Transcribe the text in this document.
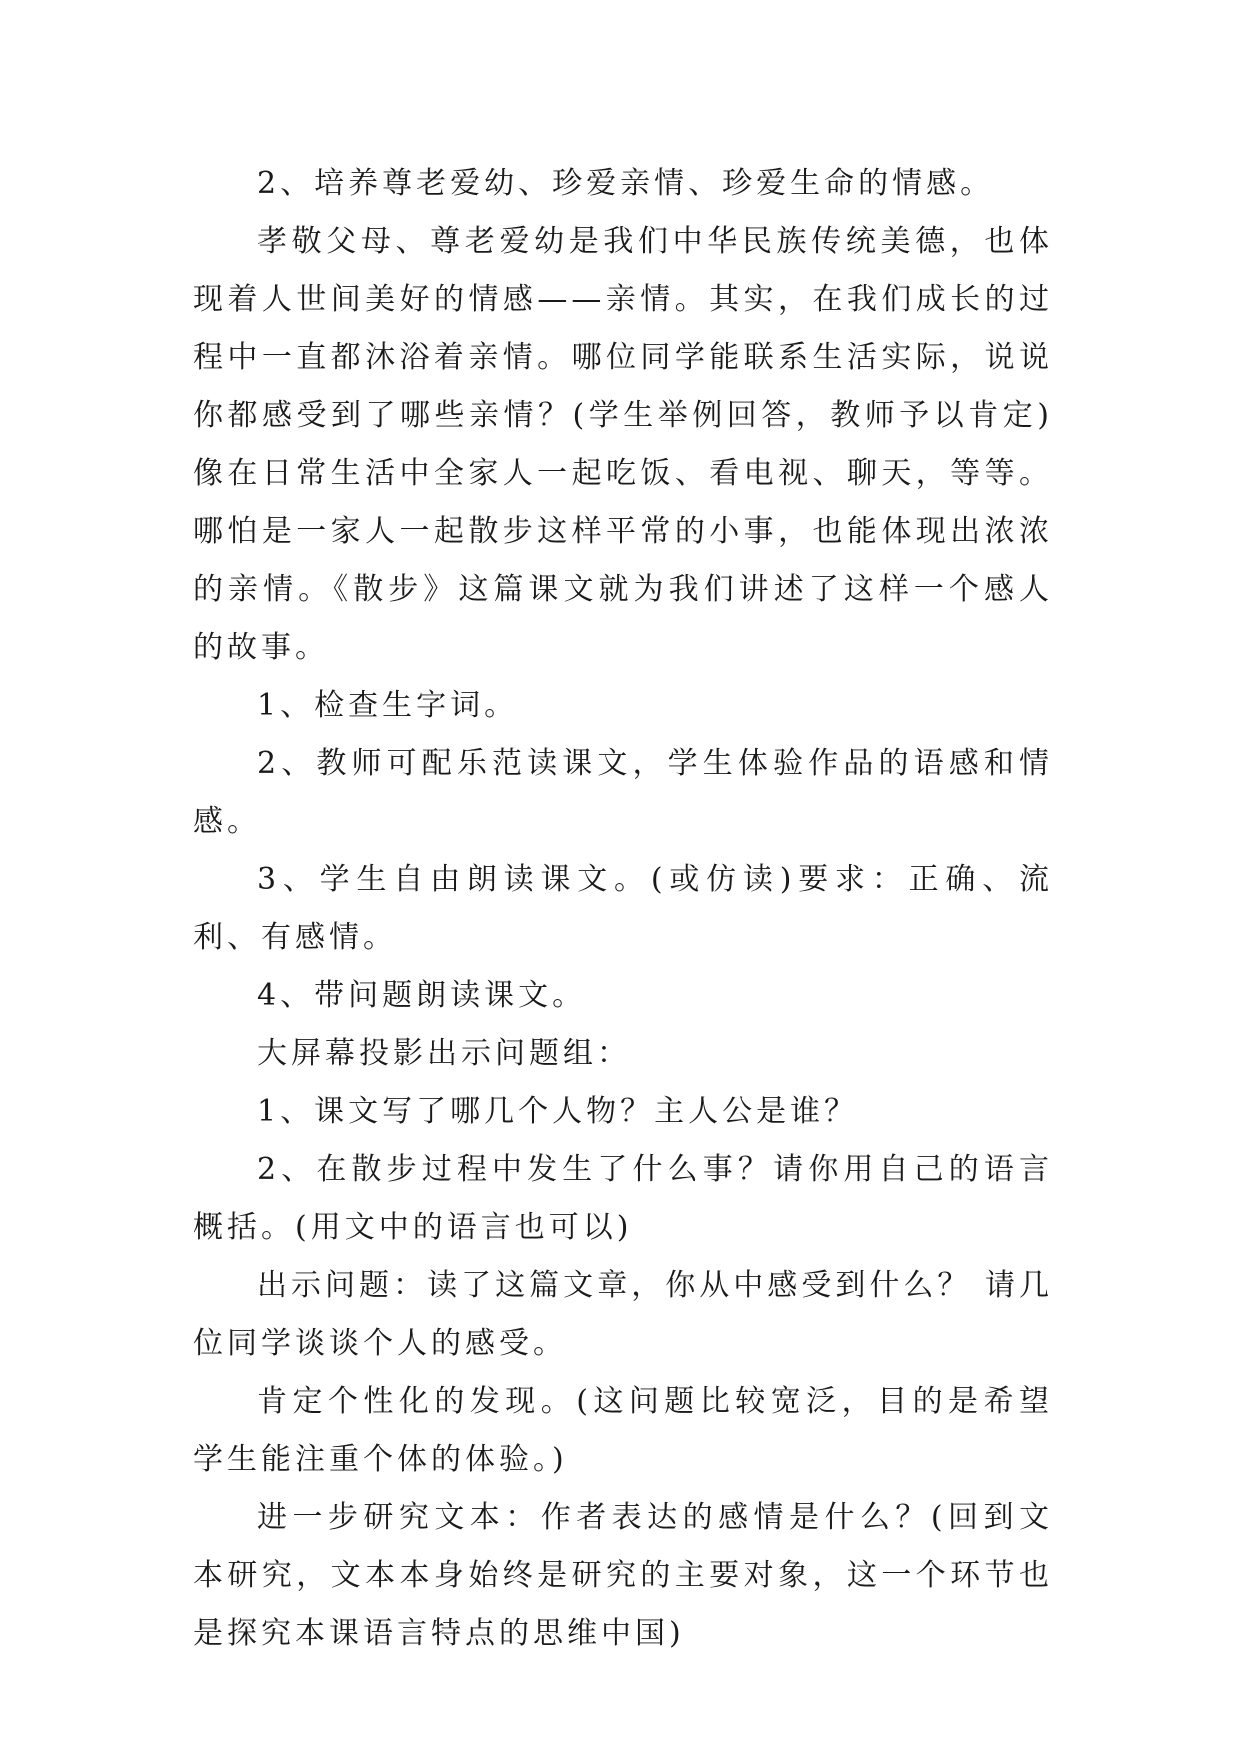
2、培养尊老爱幼、珍爱亲情、珍爱生命的情感。

孝敬父母、尊老爱幼是我们中华民族传统美德，也体现着人世间美好的情感——亲情。其实，在我们成长的过程中一直都沐浴着亲情。哪位同学能联系生活实际，说说你都感受到了哪些亲情？(学生举例回答，教师予以肯定)像在日常生活中全家人一起吃饭、看电视、聊天，等等。哪怕是一家人一起散步这样平常的小事，也能体现出浓浓的亲情。《散步》这篇课文就为我们讲述了这样一个感人的故事。

1、检查生字词。

2、教师可配乐范读课文，学生体验作品的语感和情感。

3、学生自由朗读课文。(或仿读)要求：正确、流利、有感情。

4、带问题朗读课文。

大屏幕投影出示问题组：

1、课文写了哪几个人物？主人公是谁？

2、在散步过程中发生了什么事？请你用自己的语言概括。(用文中的语言也可以)

出示问题：读了这篇文章，你从中感受到什么？ 请几位同学谈谈个人的感受。

肯定个性化的发现。(这问题比较宽泛，目的是希望学生能注重个体的体验。)

进一步研究文本：作者表达的感情是什么？(回到文本研究，文本本身始终是研究的主要对象，这一个环节也是探究本课语言特点的思维中国)
